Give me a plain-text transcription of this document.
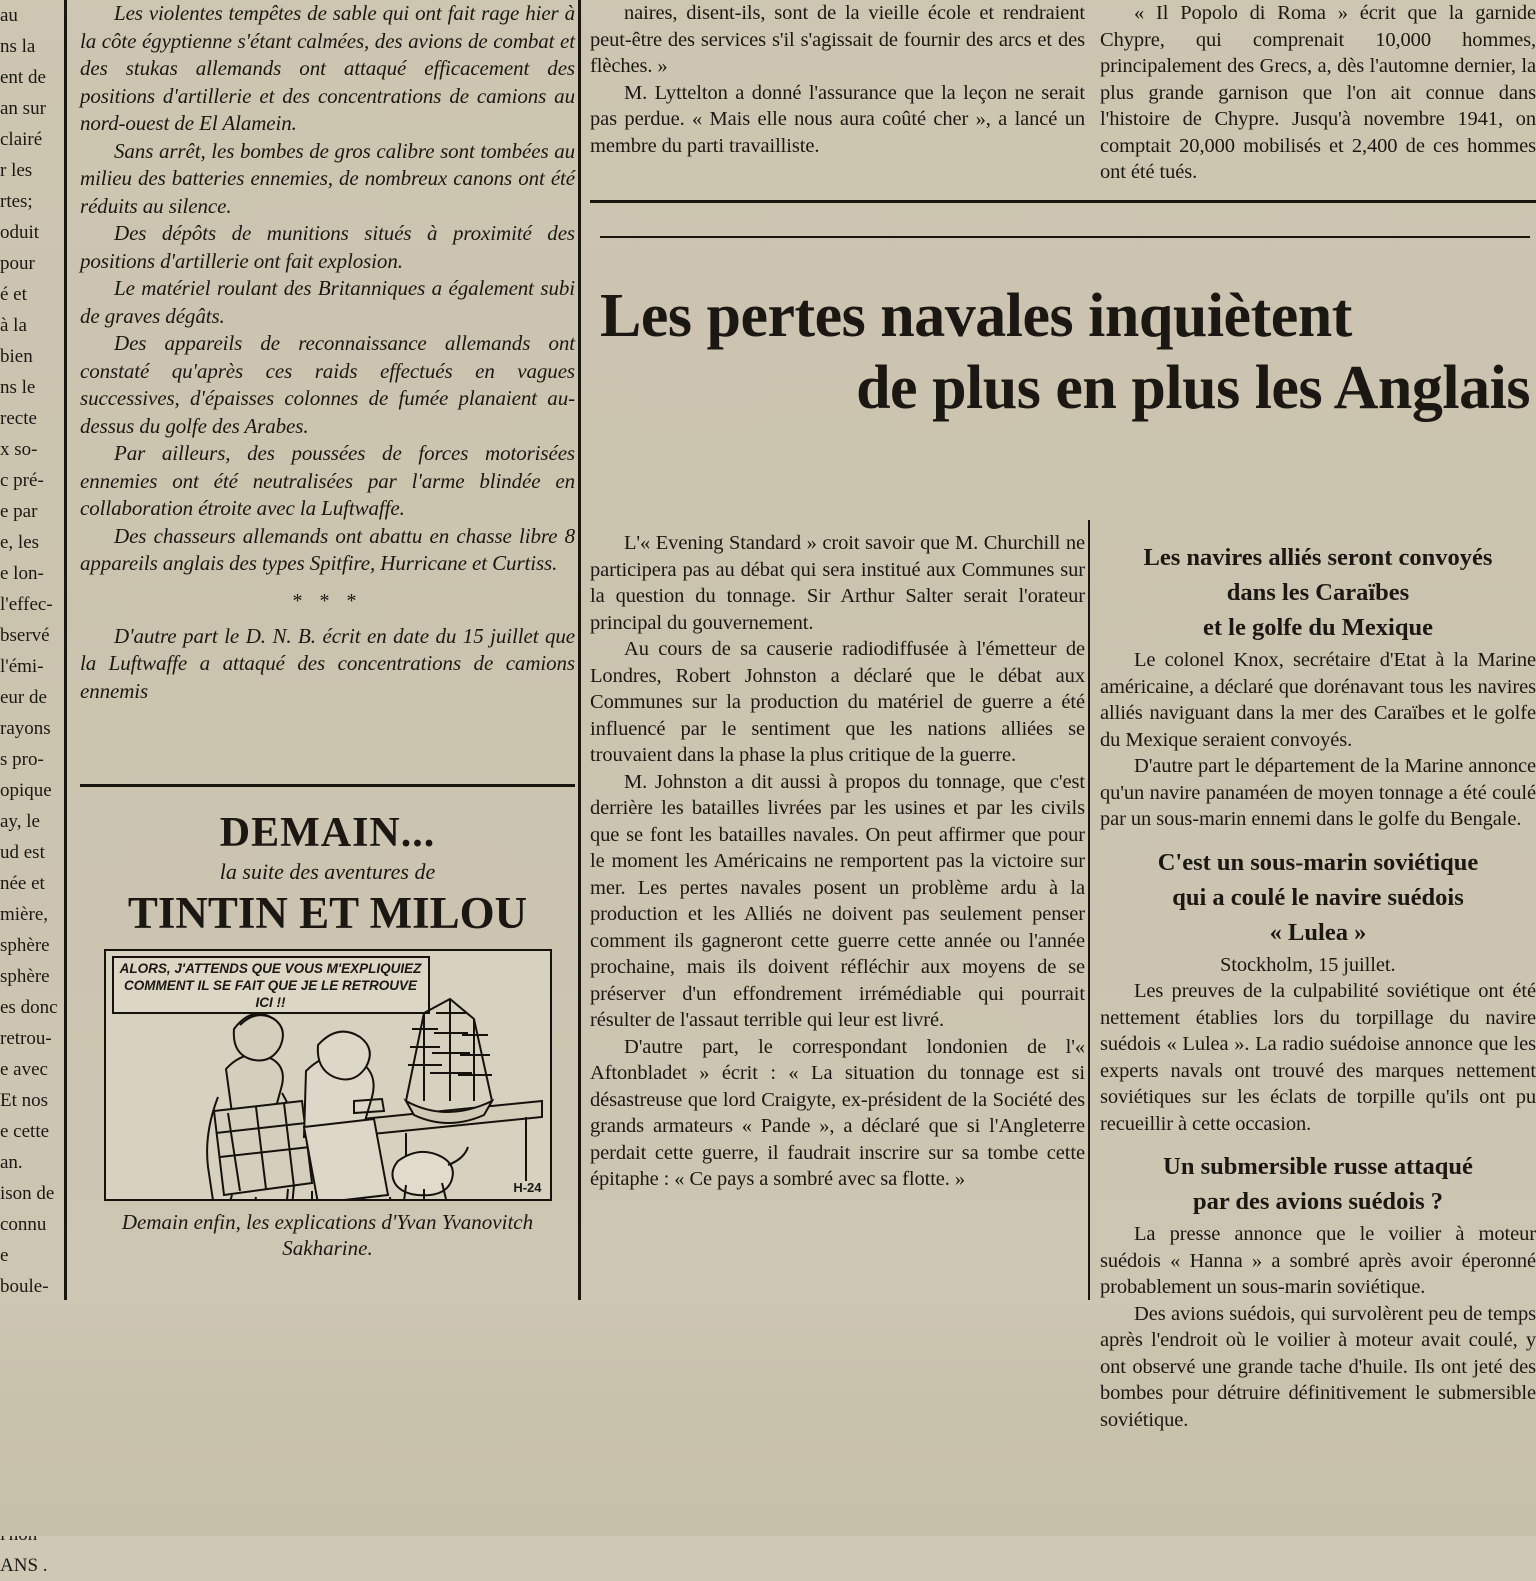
au

ns la

ent de

an sur

clairé

r les

rtes;

oduit

pour

é et

à la

bien

ns le

recte

x so-

c pré-

e par

e, les

e lon-

l'effec-

bservé

l'émi-

eur de

rayons

s pro-

opique

ay, le

ud est

née et

mière,

sphère

sphère

es donc

retrou-

e avec

Et nos

e cette

an.

ison de

connu

e boule-

ANS .

Les violentes tempêtes de sable qui ont fait rage hier à la côte égyptienne s'étant calmées, des avions de combat et des stukas allemands ont attaqué efficacement des positions d'artillerie et des concentrations de camions au nord-ouest de El Alamein.

Sans arrêt, les bombes de gros calibre sont tombées au milieu des batteries ennemies, de nombreux canons ont été réduits au silence.

Des dépôts de munitions situés à proximité des positions d'artillerie ont fait explosion.

Le matériel roulant des Britanniques a également subi de graves dégâts.

Des appareils de reconnaissance allemands ont constaté qu'après ces raids effectués en vagues successives, d'épaisses colonnes de fumée planaient au-dessus du golfe des Arabes.

Par ailleurs, des poussées de forces motorisées ennemies ont été neutralisées par l'arme blindée en collaboration étroite avec la Luftwaffe.

Des chasseurs allemands ont abattu en chasse libre 8 appareils anglais des types Spitfire, Hurricane et Curtiss.

* * *

D'autre part le D. N. B. écrit en date du 15 juillet que la Luftwaffe a attaqué des concentrations de camions ennemis

DEMAIN...
la suite des aventures de
TINTIN ET MILOU
ALORS, J'ATTENDS QUE VOUS M'EXPLIQUIEZ COMMENT IL SE FAIT QUE JE LE RETROUVE ICI !!
H-24
Demain enfin, les explications d'Yvan Yvanovitch Sakharine.

naires, disent-ils, sont de la vieille école et rendraient peut-être des services s'il s'agissait de fournir des arcs et des flèches. »

M. Lyttelton a donné l'assurance que la leçon ne serait pas perdue. « Mais elle nous aura coûté cher », a lancé un membre du parti travailliste.

Les pertes navales inquiètent
de plus en plus les Anglais

« Il Popolo di Roma » écrit que la garnide Chypre, qui comprenait 10,000 hommes, principalement des Grecs, a, dès l'automne dernier, la plus grande garnison que l'on ait connue dans l'histoire de Chypre. Jusqu'à novembre 1941, on comptait 20,000 mobilisés et 2,400 de ces hommes ont été tués.

L'« Evening Standard » croit savoir que M. Churchill ne participera pas au débat qui sera institué aux Communes sur la question du tonnage. Sir Arthur Salter serait l'orateur principal du gouvernement.

Au cours de sa causerie radiodiffusée à l'émetteur de Londres, Robert Johnston a déclaré que le débat aux Communes sur la production du matériel de guerre a été influencé par le sentiment que les nations alliées se trouvaient dans la phase la plus critique de la guerre.

M. Johnston a dit aussi à propos du tonnage, que c'est derrière les batailles livrées par les usines et par les civils que se font les batailles navales. On peut affirmer que pour le moment les Américains ne remportent pas la victoire sur mer. Les pertes navales posent un problème ardu à la production et les Alliés ne doivent pas seulement penser comment ils gagneront cette guerre cette année ou l'année prochaine, mais ils doivent réfléchir aux moyens de se préserver d'un effondrement irrémédiable qui pourrait résulter de l'assaut terrible qui leur est livré.

D'autre part, le correspondant londonien de l'« Aftonbladet » écrit : « La situation du tonnage est si désastreuse que lord Craigyte, ex-président de la Société des grands armateurs « Pande », a déclaré que si l'Angleterre perdait cette guerre, il faudrait inscrire sur sa tombe cette épitaphe : « Ce pays a sombré avec sa flotte. »

Les navires alliés seront convoyés
dans les Caraïbes
et le golfe du Mexique

Le colonel Knox, secrétaire d'Etat à la Marine américaine, a déclaré que dorénavant tous les navires alliés naviguant dans la mer des Caraïbes et le golfe du Mexique seraient convoyés.

D'autre part le département de la Marine annonce qu'un navire panaméen de moyen tonnage a été coulé par un sous-marin ennemi dans le golfe du Bengale.

C'est un sous-marin soviétique
qui a coulé le navire suédois
« Lulea »

Stockholm, 15 juillet.

Les preuves de la culpabilité soviétique ont été nettement établies lors du torpillage du navire suédois « Lulea ». La radio suédoise annonce que les experts navals ont trouvé des marques nettement soviétiques sur les éclats de torpille qu'ils ont pu recueillir à cette occasion.

Un submersible russe attaqué
par des avions suédois ?

La presse annonce que le voilier à moteur suédois « Hanna » a sombré après avoir éperonné probablement un sous-marin soviétique.

Des avions suédois, qui survolèrent peu de temps après l'endroit où le voilier à moteur avait coulé, y ont observé une grande tache d'huile. Ils ont jeté des bombes pour détruire définitivement le submersible soviétique.
